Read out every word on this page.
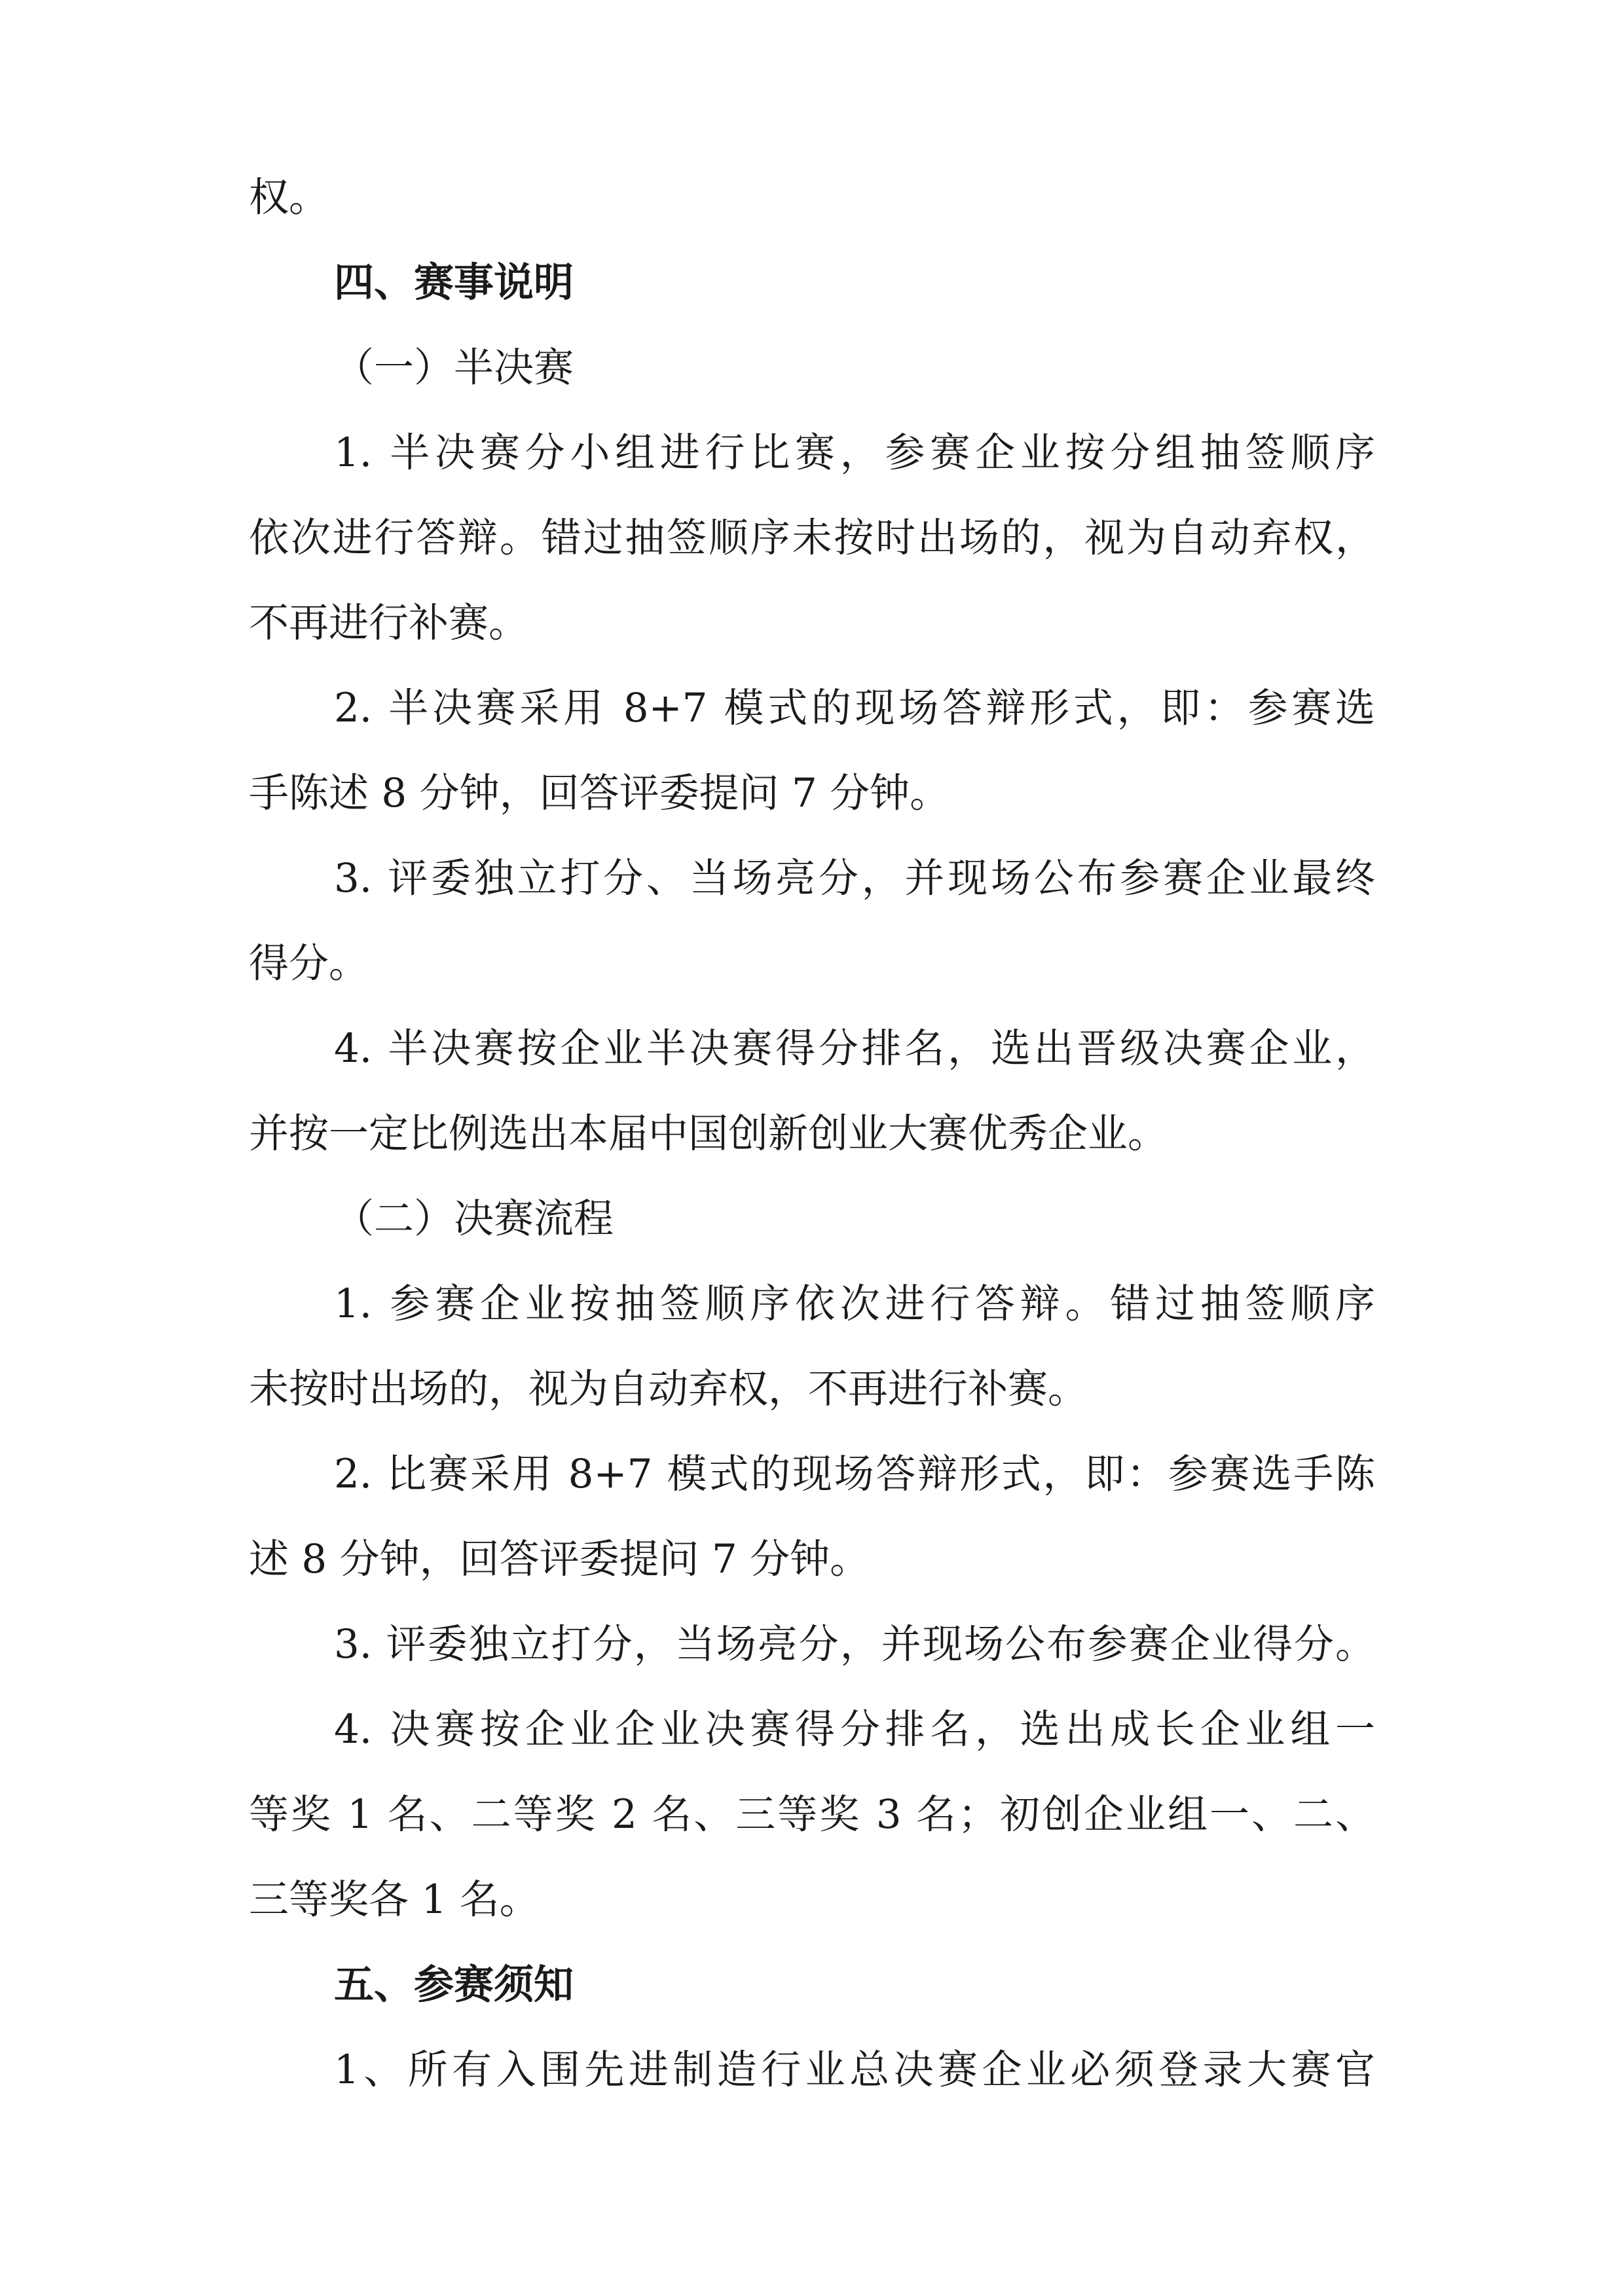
权。

四、赛事说明

（一）半决赛

1. 半决赛分小组进行比赛，参赛企业按分组抽签顺序

依次进行答辩。错过抽签顺序未按时出场的，视为自动弃权，

不再进行补赛。

2. 半决赛采用 8+7 模式的现场答辩形式，即：参赛选

手陈述 8 分钟，回答评委提问 7 分钟。

3. 评委独立打分、当场亮分，并现场公布参赛企业最终

得分。

4. 半决赛按企业半决赛得分排名，选出晋级决赛企业，

并按一定比例选出本届中国创新创业大赛优秀企业。

（二）决赛流程

1. 参赛企业按抽签顺序依次进行答辩。错过抽签顺序

未按时出场的，视为自动弃权，不再进行补赛。

2. 比赛采用 8+7 模式的现场答辩形式，即：参赛选手陈

述 8 分钟，回答评委提问 7 分钟。

3. 评委独立打分，当场亮分，并现场公布参赛企业得分。

4. 决赛按企业企业决赛得分排名，选出成长企业组一

等奖 1 名、二等奖 2 名、三等奖 3 名；初创企业组一、二、

三等奖各 1 名。

五、参赛须知

1、所有入围先进制造行业总决赛企业必须登录大赛官
